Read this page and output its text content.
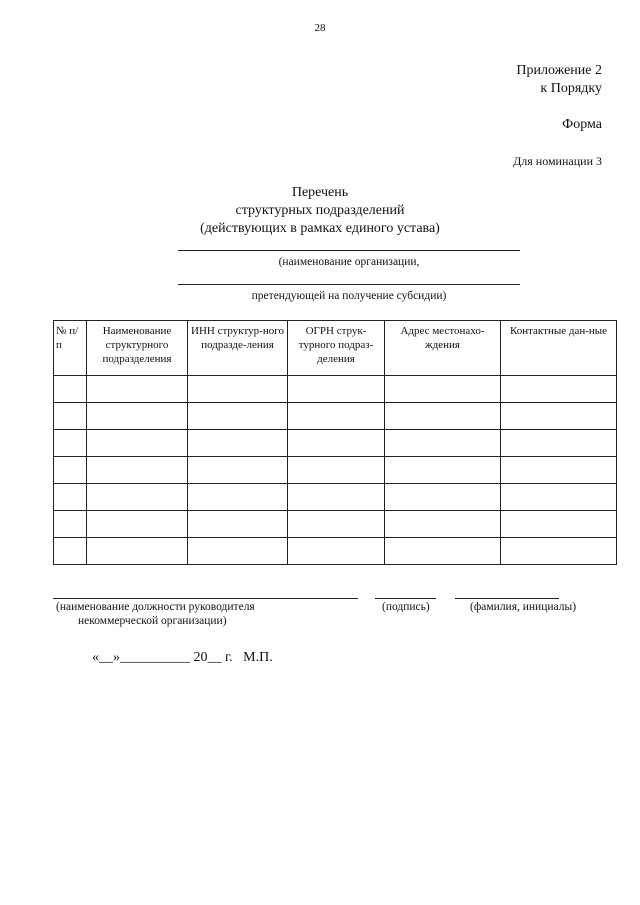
28
Приложение 2
к Порядку
Форма
Для номинации 3
Перечень
структурных подразделений
(действующих в рамках единого устава)
(наименование организации,
претендующей на получение субсидии)
№ п/п	Наименование структурного подразделения	ИНН структур-ного подразде-ления	ОГРН струк-турного подраз-деления	Адрес местонахо-ждения	Контактные дан-ные

(наименование должности руководителя
некоммерческой организации)
(подпись)	(фамилия, инициалы)
«__»__________ 20__ г.   М.П.
